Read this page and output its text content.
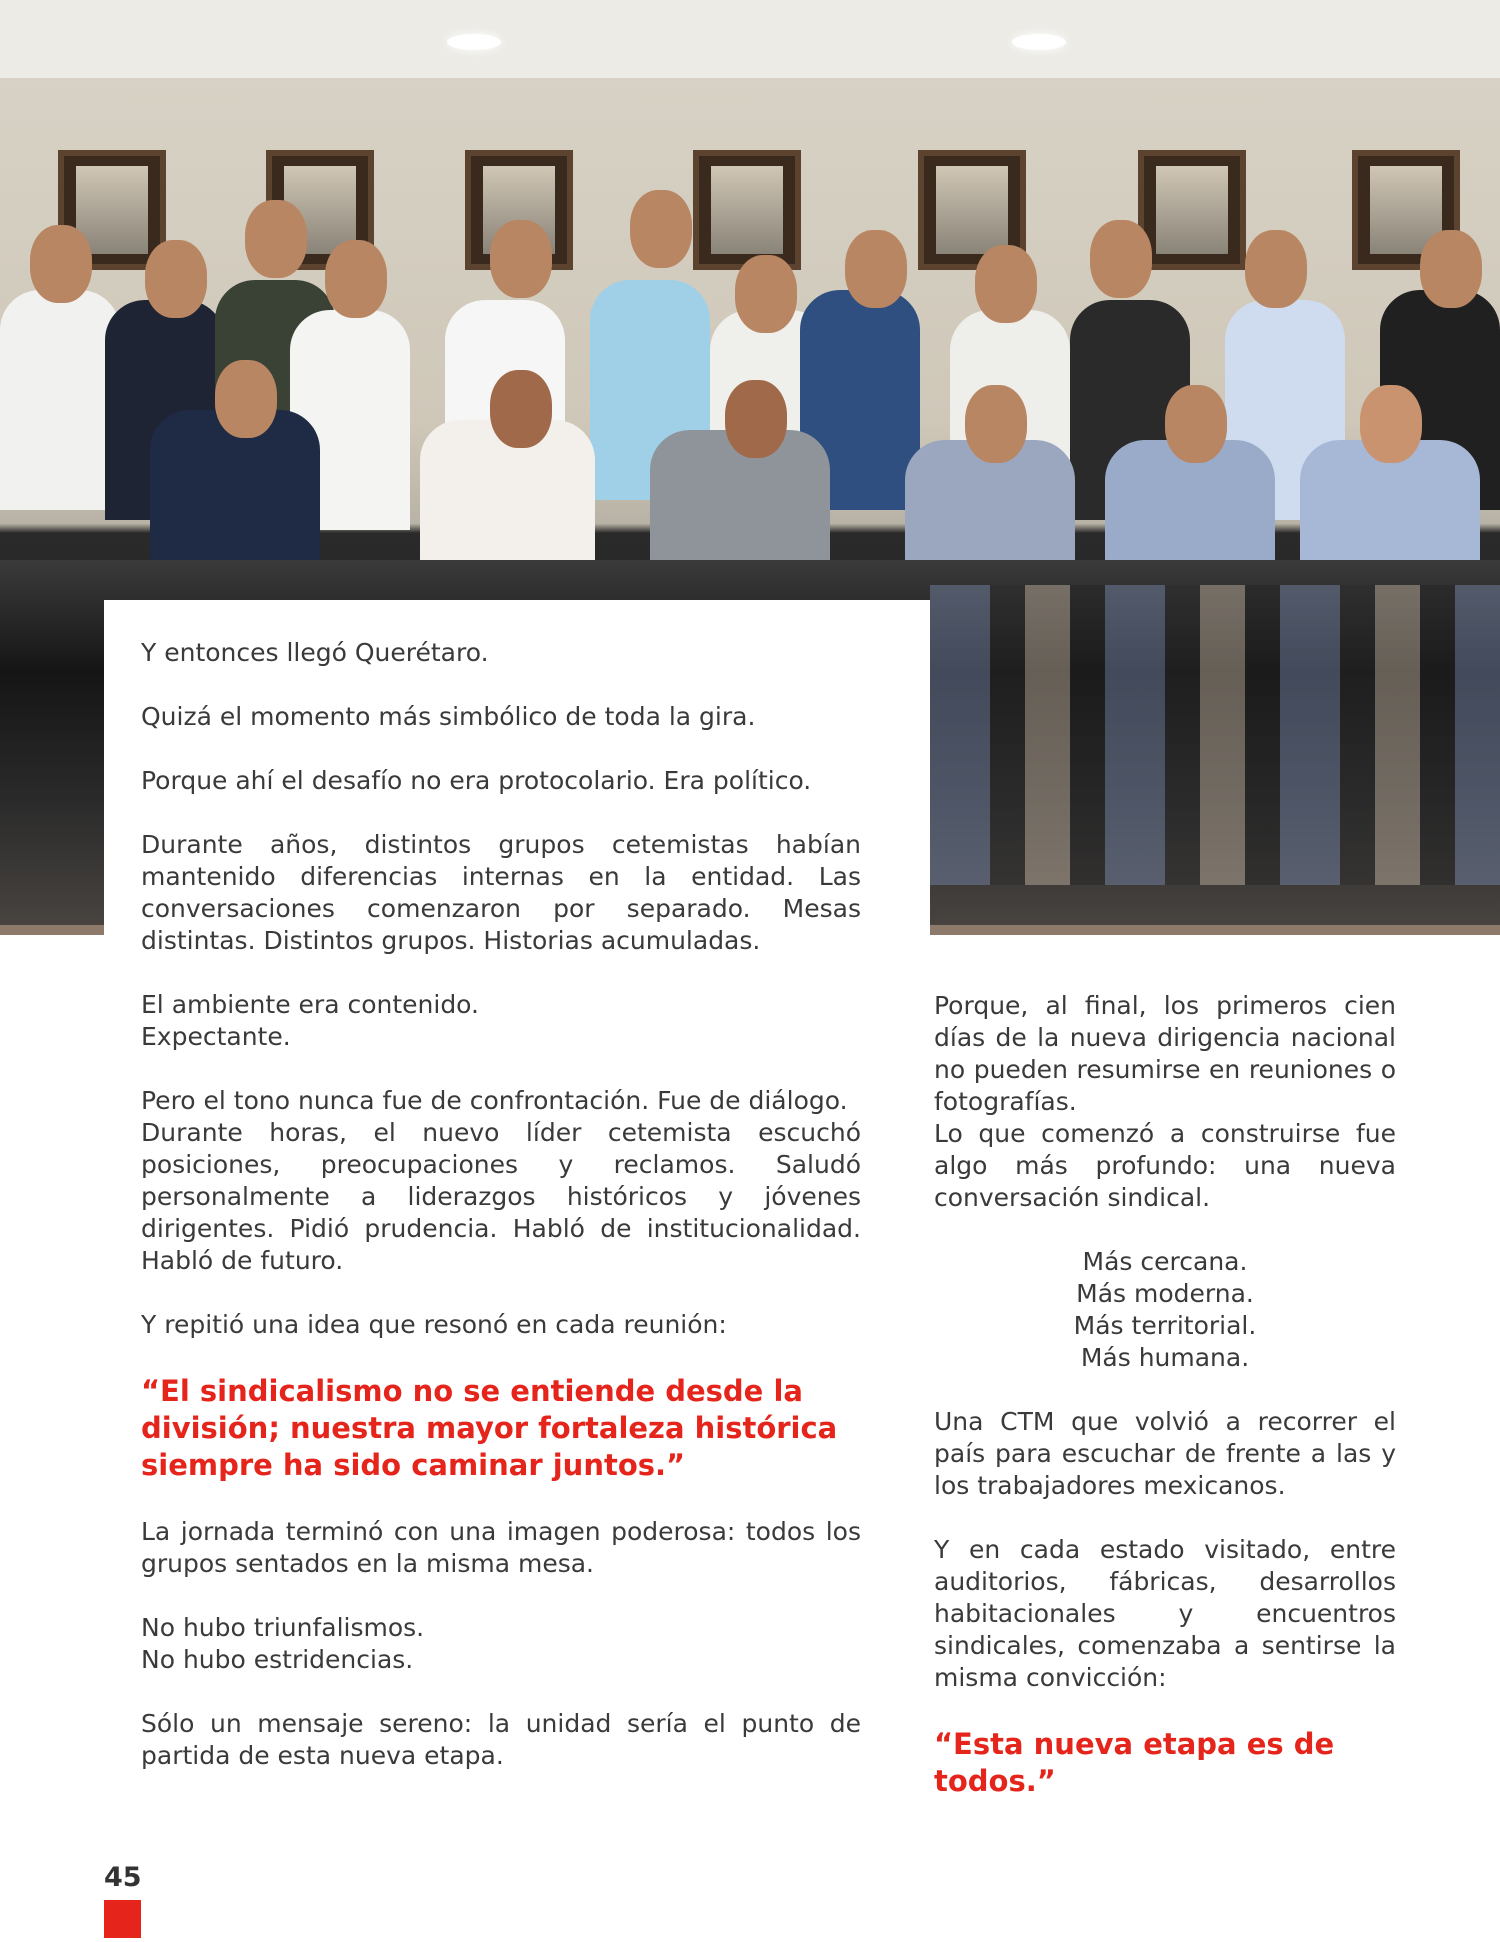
Y entonces llegó Querétaro.

Quizá el momento más simbólico de toda la gira.

Porque ahí el desafío no era protocolario. Era político.

Durante años, distintos grupos cetemistas habían mantenido diferencias internas en la entidad. Las conversaciones comenzaron por separado. Mesas distintas. Distintos grupos. Historias acumuladas.

El ambiente era contenido.
Expectante.

Pero el tono nunca fue de confrontación. Fue de diálogo.
Durante horas, el nuevo líder cetemista escuchó posiciones, preocupaciones y reclamos. Saludó personalmente a liderazgos históricos y jóvenes dirigentes. Pidió prudencia. Habló de institucionalidad. Habló de futuro.

Y repitió una idea que resonó en cada reunión:

“El sindicalismo no se entiende desde la división; nuestra mayor fortaleza histórica siempre ha sido caminar juntos.”

La jornada terminó con una imagen poderosa: todos los grupos sentados en la misma mesa.

No hubo triunfalismos.
No hubo estridencias.

Sólo un mensaje sereno: la unidad sería el punto de partida de esta nueva etapa.

Porque, al final, los primeros cien días de la nueva dirigencia nacional no pueden resumirse en reuniones o fotografías.
Lo que comenzó a construirse fue algo más profundo: una nueva conversación sindical.

Más cercana.
Más moderna.
Más territorial.
Más humana.

Una CTM que volvió a recorrer el país para escuchar de frente a las y los trabajadores mexicanos.

Y en cada estado visitado, entre auditorios, fábricas, desarrollos habitacionales y encuentros sindicales, comenzaba a sentirse la misma convicción:

“Esta nueva etapa es de todos.”

45
